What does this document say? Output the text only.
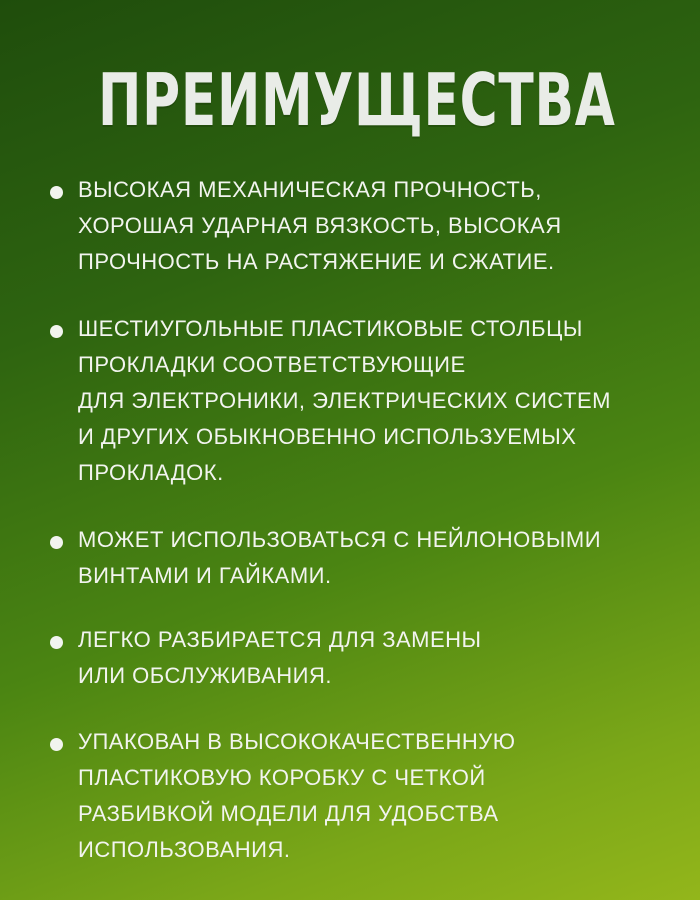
ПРЕИМУЩЕСТВА
ВЫСОКАЯ МЕХАНИЧЕСКАЯ ПРОЧНОСТЬ,
ХОРОШАЯ УДАРНАЯ ВЯЗКОСТЬ, ВЫСОКАЯ
ПРОЧНОСТЬ НА РАСТЯЖЕНИЕ И СЖАТИЕ.
ШЕСТИУГОЛЬНЫЕ ПЛАСТИКОВЫЕ СТОЛБЦЫ
ПРОКЛАДКИ СООТВЕТСТВУЮЩИЕ
ДЛЯ ЭЛЕКТРОНИКИ, ЭЛЕКТРИЧЕСКИХ СИСТЕМ
И ДРУГИХ ОБЫКНОВЕННО ИСПОЛЬЗУЕМЫХ
ПРОКЛАДОК.
МОЖЕТ ИСПОЛЬЗОВАТЬСЯ С НЕЙЛОНОВЫМИ
ВИНТАМИ И ГАЙКАМИ.
ЛЕГКО РАЗБИРАЕТСЯ ДЛЯ ЗАМЕНЫ
ИЛИ ОБСЛУЖИВАНИЯ.
УПАКОВАН В ВЫСОКОКАЧЕСТВЕННУЮ
ПЛАСТИКОВУЮ КОРОБКУ С ЧЕТКОЙ
РАЗБИВКОЙ МОДЕЛИ ДЛЯ УДОБСТВА
ИСПОЛЬЗОВАНИЯ.
